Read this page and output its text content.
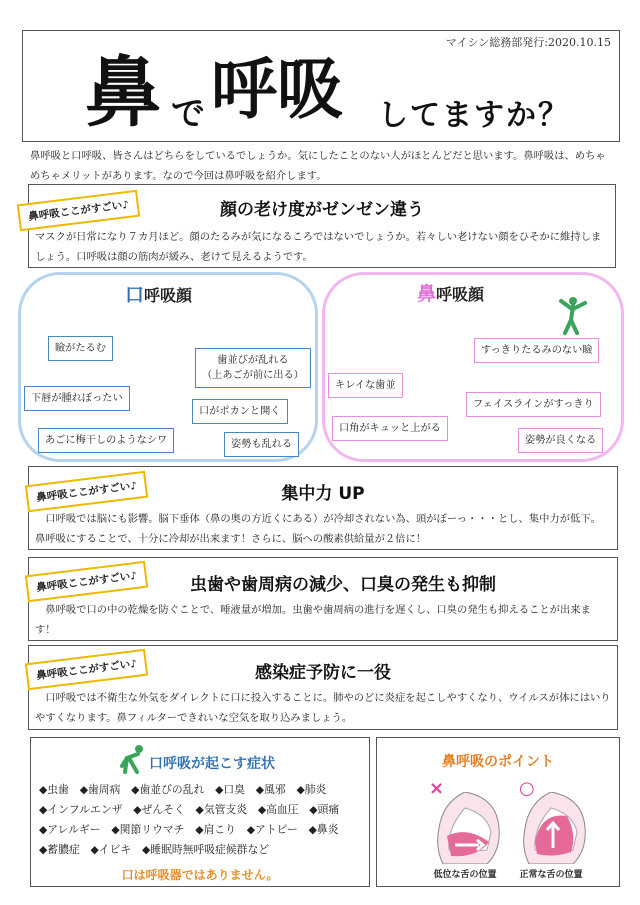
マイシン総務部発行:2020.10.15
鼻 で 呼吸 してますか？
鼻呼吸と口呼吸、皆さんはどちらをしているでしょうか。気にしたことのない人がほとんどだと思います。鼻呼吸は、めちゃめちゃメリットがあります。なので今回は鼻呼吸を紹介します。
顔の老け度がゼンゼン違う
マスクが日常になり７カ月ほど。顔のたるみが気になるころではないでしょうか。若々しい老けない顔をひそかに維持しましょう。口呼吸は顔の筋肉が緩み、老けて見えるようです。
鼻呼吸ここがすごい♪
口呼吸顔
瞼がたるむ
下唇が腫れぼったい
あごに梅干しのようなシワ
歯並びが乱れる
（上あごが前に出る）
口がポカンと開く
姿勢も乱れる
鼻呼吸顔
すっきりたるみのない瞼
キレイな歯並
フェイスラインがすっきり
口角がキュッと上がる
姿勢が良くなる
集中力 UP
　口呼吸では脳にも影響。脳下垂体（鼻の奥の方近くにある）が冷却されない為、頭がぼーっ・・・とし、集中力が低下。鼻呼吸にすることで、十分に冷却が出来ます！さらに、脳への酸素供給量が２倍に！
鼻呼吸ここがすごい♪
虫歯や歯周病の減少、口臭の発生も抑制
　鼻呼吸で口の中の乾燥を防ぐことで、唾液量が増加。虫歯や歯周病の進行を遅くし、口臭の発生も抑えることが出来ます！
鼻呼吸ここがすごい♪
感染症予防に一役
　口呼吸では不衛生な外気をダイレクトに口に投入することに。肺やのどに炎症を起こしやすくなり、ウイルスが体にはいりやすくなります。鼻フィルターできれいな空気を取り込みましょう。
鼻呼吸ここがすごい♪
口呼吸が起こす症状
◆虫歯　◆歯周病　◆歯並びの乱れ　◆口臭　◆風邪　◆肺炎
◆インフルエンザ　◆ぜんそく　◆気管支炎　◆高血圧　◆頭痛
◆アレルギー　◆関節リウマチ　◆肩こり　◆アトピー　◆鼻炎
◆蓄膿症　◆イビキ　◆睡眠時無呼吸症候群など
口は呼吸器ではありません。
鼻呼吸のポイント
×
低位な舌の位置
○
正常な舌の位置
